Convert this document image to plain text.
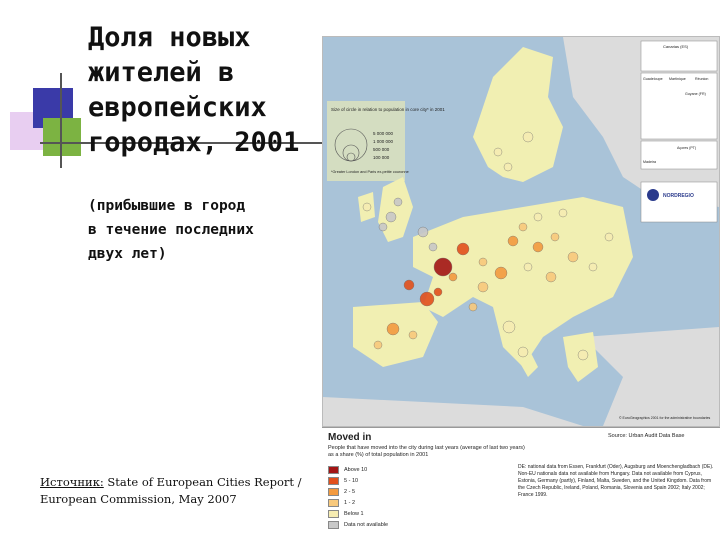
Доля новых жителей в европейских городах, 2001
(прибывшие в город
в течение последних
двух лет)
Источник: State of European Cities Report / European Commission, May 2007
Size of circle in relation to population in core city* in 2001
5 000 000
1 000 000
500 000
100 000
*Greater London and Paris ex-petite couronne
Canarias (ES)
Guadeloupe Martinique	Réunion
Guyane (FR)
Açores (PT)
Madeira
NORDREGIO
© EuroGeographics 2001 for the administrative boundaries
Moved in	Source: Urban Audit Data Base
People that have moved into the city during last years (average of last two years) as a share (%) of total population in 2001
Above 10
5 - 10
2 - 5
1 - 2
Below 1
Data not available
DE: national data from Essen, Frankfurt (Oder), Augsburg and Moenchengladbach (DE). Non-EU nationals data not available from Hungary. Data not available from Cyprus, Estonia, Germany (partly), Finland, Malta, Sweden, and the United Kingdom. Data from the Czech Republic, Ireland, Poland, Romania, Slovenia and Spain 2002; Italy 2002; France 1999.
